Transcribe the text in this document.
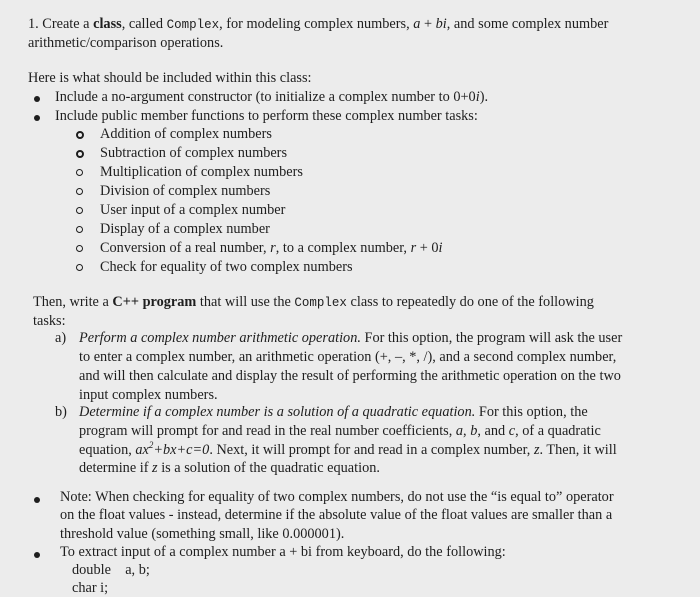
1. Create a class, called Complex, for modeling complex numbers, a + bi, and some complex number
arithmetic/comparison operations.
Here is what should be included within this class:
Include a no-argument constructor (to initialize a complex number to 0+0i).
Include public member functions to perform these complex number tasks:
Addition of complex numbers
Subtraction of complex numbers
Multiplication of complex numbers
Division of complex numbers
User input of a complex number
Display of a complex number
Conversion of a real number, r, to a complex number, r + 0i
Check for equality of two complex numbers
Then, write a C++ program that will use the Complex class to repeatedly do one of the following
tasks:
a) Perform a complex number arithmetic operation. For this option, the program will ask the user
to enter a complex number, an arithmetic operation (+, –, *, /), and a second complex number,
and will then calculate and display the result of performing the arithmetic operation on the two
input complex numbers.
b) Determine if a complex number is a solution of a quadratic equation. For this option, the
program will prompt for and read in the real number coefficients, a, b, and c, of a quadratic
equation, $ax^2+bx+c=0$. Next, it will prompt for and read in a complex number, z. Then, it will
determine if z is a solution of the quadratic equation.
Note: When checking for equality of two complex numbers, do not use the “is equal to” operator
on the float values - instead, determine if the absolute value of the float values are smaller than a
threshold value (something small, like 0.000001).
To extract input of a complex number a + bi from keyboard, do the following:
double    a, b;
char i;
